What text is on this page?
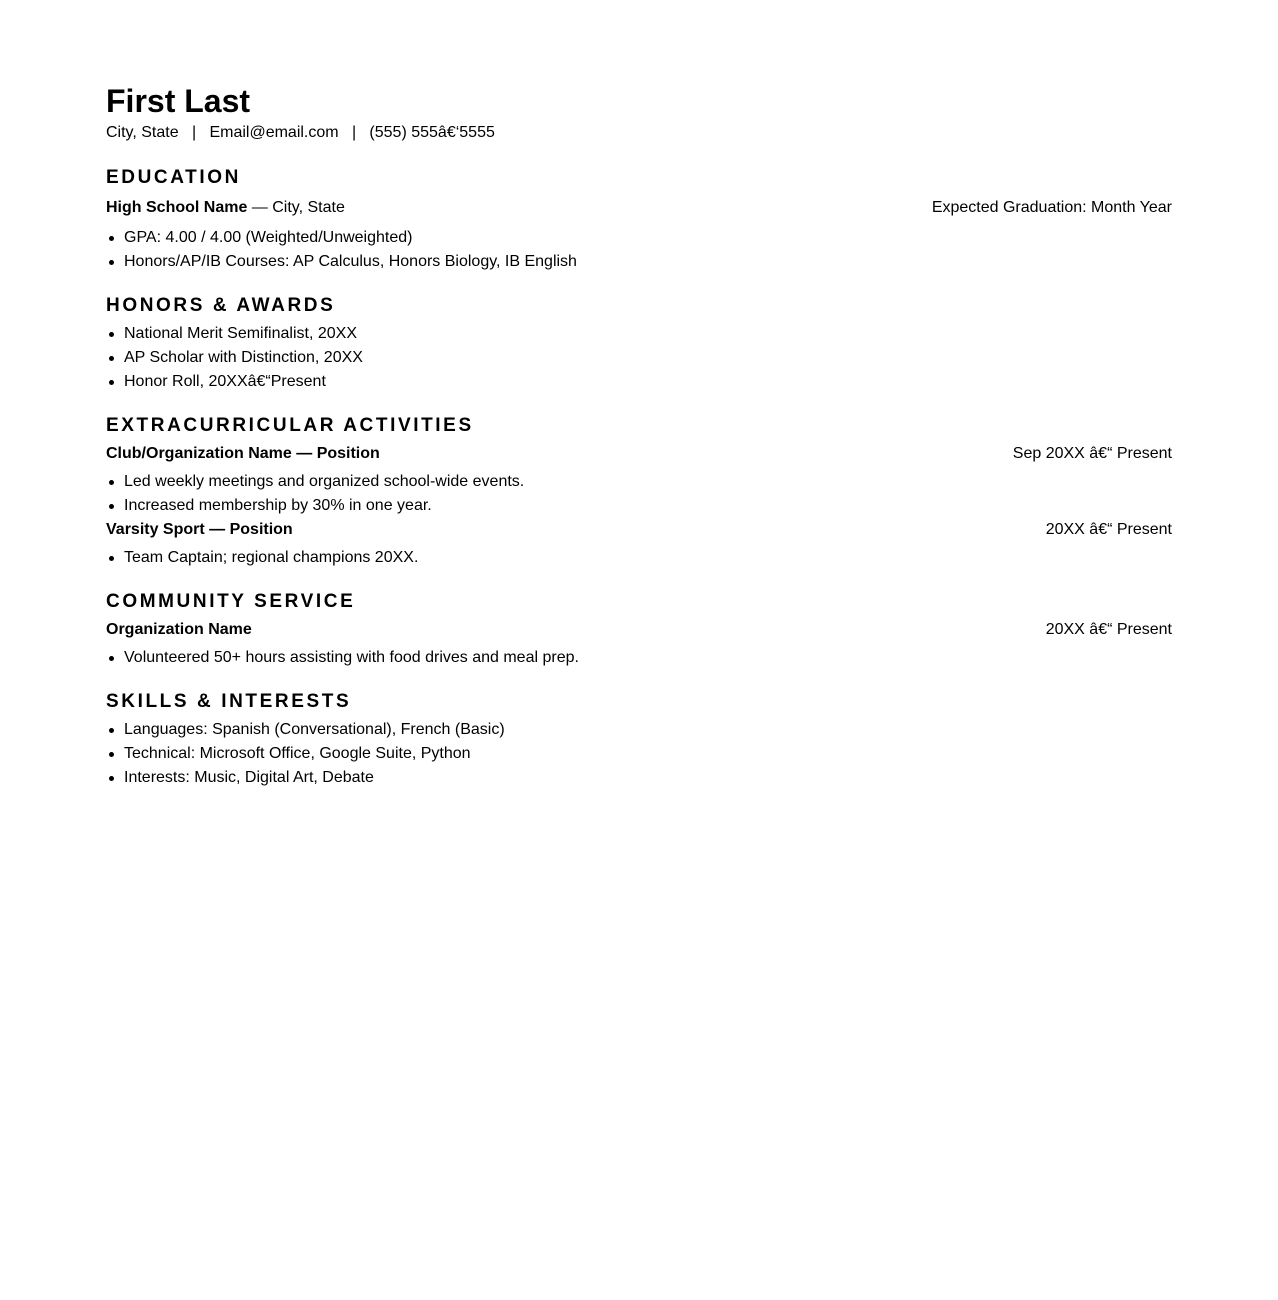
First Last
City, State   |   Email@email.com   |   (555) 555â€‘5555
EDUCATION
High School Name — City, State	Expected Graduation: Month Year
GPA: 4.00 / 4.00 (Weighted/Unweighted)
Honors/AP/IB Courses: AP Calculus, Honors Biology, IB English
HONORS & AWARDS
National Merit Semifinalist, 20XX
AP Scholar with Distinction, 20XX
Honor Roll, 20XXâ€“Present
EXTRACURRICULAR ACTIVITIES
Club/Organization Name — Position	Sep 20XX â€“ Present
Led weekly meetings and organized school-wide events.
Increased membership by 30% in one year.
Varsity Sport — Position	20XX â€“ Present
Team Captain; regional champions 20XX.
COMMUNITY SERVICE
Organization Name	20XX â€“ Present
Volunteered 50+ hours assisting with food drives and meal prep.
SKILLS & INTERESTS
Languages: Spanish (Conversational), French (Basic)
Technical: Microsoft Office, Google Suite, Python
Interests: Music, Digital Art, Debate
